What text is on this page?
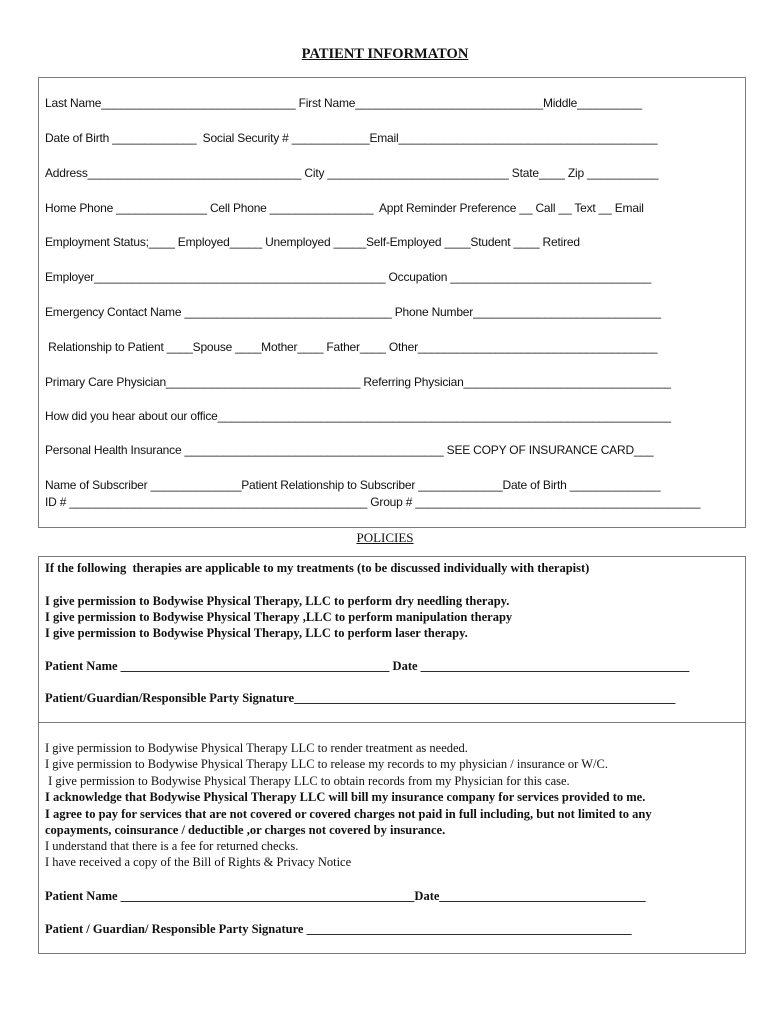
PATIENT INFORMATON
Last Name______________________________ First Name_____________________________Middle__________
Date of Birth _____________  Social Security # ____________Email________________________________________
Address_________________________________ City ____________________________ State____ Zip ___________
Home Phone ______________ Cell Phone ________________  Appt Reminder Preference __ Call __ Text __ Email
Employment Status;____ Employed_____ Unemployed _____Self-Employed ____Student ____ Retired
Employer_____________________________________________ Occupation _______________________________
Emergency Contact Name ________________________________ Phone Number_____________________________
Relationship to Patient ____Spouse ____Mother____ Father____ Other_____________________________________
Primary Care Physician______________________________ Referring Physician________________________________
How did you hear about our office______________________________________________________________________
Personal Health Insurance ________________________________________ SEE COPY OF INSURANCE CARD___
Name of Subscriber ______________Patient Relationship to Subscriber _____________Date of Birth ______________
ID # ______________________________________________ Group # ____________________________________________
POLICIES
If the following  therapies are applicable to my treatments (to be discussed individually with therapist)
I give permission to Bodywise Physical Therapy, LLC to perform dry needling therapy.
I give permission to Bodywise Physical Therapy ,LLC to perform manipulation therapy
I give permission to Bodywise Physical Therapy, LLC to perform laser therapy.
Patient Name ___________________________________________ Date ___________________________________________
Patient/Guardian/Responsible Party Signature_____________________________________________________________
I give permission to Bodywise Physical Therapy LLC to render treatment as needed.
I give permission to Bodywise Physical Therapy LLC to release my records to my physician / insurance or W/C.
I give permission to Bodywise Physical Therapy LLC to obtain records from my Physician for this case.
I acknowledge that Bodywise Physical Therapy LLC will bill my insurance company for services provided to me.
I agree to pay for services that are not covered or covered charges not paid in full including, but not limited to any
copayments, coinsurance / deductible ,or charges not covered by insurance.
I understand that there is a fee for returned checks.
I have received a copy of the Bill of Rights & Privacy Notice
Patient Name _______________________________________________Date_________________________________
Patient / Guardian/ Responsible Party Signature ____________________________________________________
